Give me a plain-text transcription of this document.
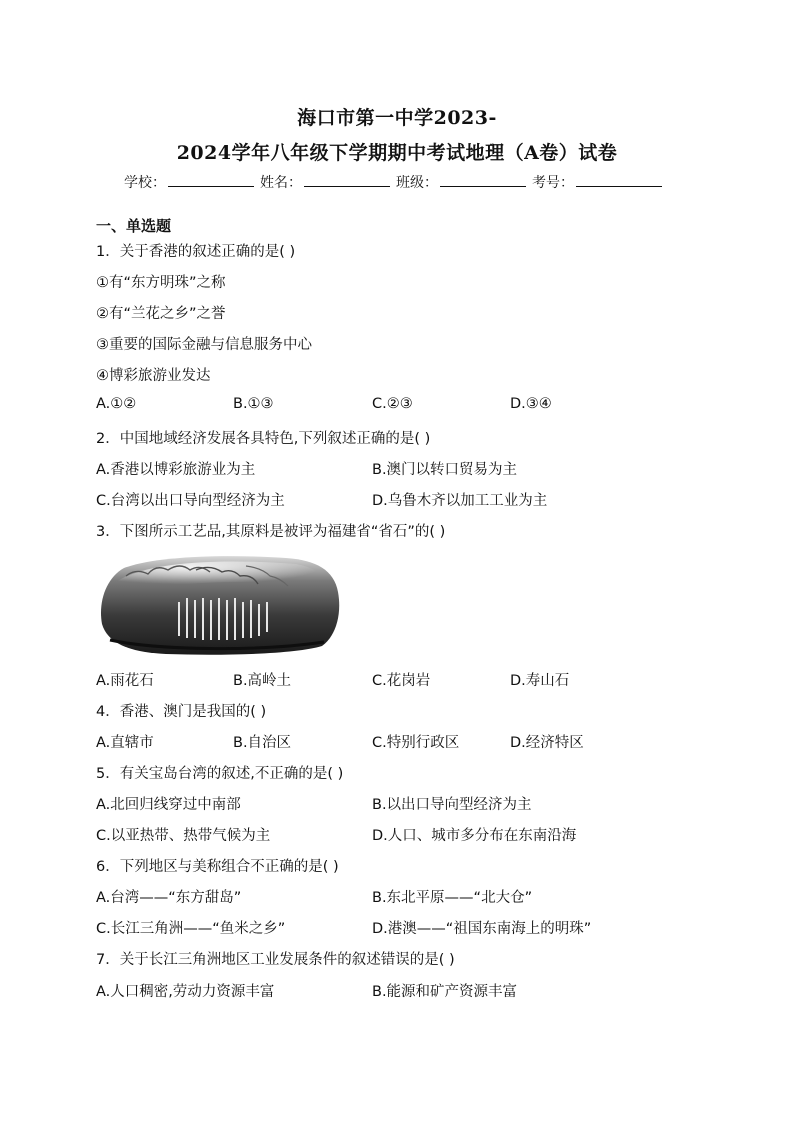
海口市第一中学2023-
2024学年八年级下学期期中考试地理（A卷）试卷
学校：	姓名：	班级：	考号：
一、单选题
1．关于香港的叙述正确的是( )
①有“东方明珠”之称
②有“兰花之乡”之誉
③重要的国际金融与信息服务中心
④博彩旅游业发达
A.①②	B.①③	C.②③	D.③④
2．中国地域经济发展各具特色,下列叙述正确的是( )
A.香港以博彩旅游业为主	B.澳门以转口贸易为主
C.台湾以出口导向型经济为主	D.乌鲁木齐以加工工业为主
3．下图所示工艺品,其原料是被评为福建省“省石”的( )
A.雨花石	B.高岭土	C.花岗岩	D.寿山石
4．香港、澳门是我国的( )
A.直辖市	B.自治区	C.特别行政区	D.经济特区
5．有关宝岛台湾的叙述,不正确的是( )
A.北回归线穿过中南部	B.以出口导向型经济为主
C.以亚热带、热带气候为主	D.人口、城市多分布在东南沿海
6．下列地区与美称组合不正确的是( )
A.台湾——“东方甜岛”	B.东北平原——“北大仓”
C.长江三角洲——“鱼米之乡”	D.港澳——“祖国东南海上的明珠”
7．关于长江三角洲地区工业发展条件的叙述错误的是( )
A.人口稠密,劳动力资源丰富	B.能源和矿产资源丰富
